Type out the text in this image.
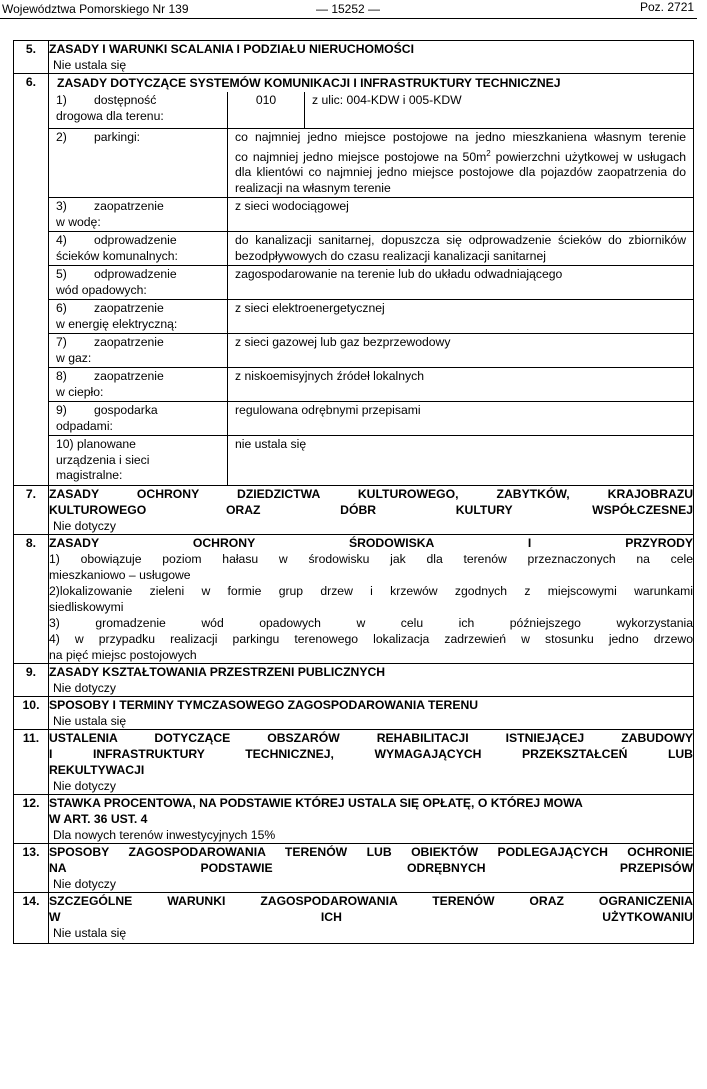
Województwa Pomorskiego Nr 139	— 15252 —	Poz. 2721
5.	ZASADY I WARUNKI SCALANIA I PODZIAŁU NIERUCHOMOŚCI
Nie ustala się

6.	ZASADY DOTYCZĄCE SYSTEMÓW KOMUNIKACJI I INFRASTRUKTURY TECHNICZNEJ
1) dostępność
drogowa dla terenu:	
010	z ulic: 004-KDW i 005-KDW

2) parkingi:	co najmniej jedno miejsce postojowe na jedno mieszkaniena własnym terenie
co najmniej jedno miejsce postojowe na $50m^2$ powierzchni użytkowej w usługach dla klientówi co najmniej jedno miejsce postojowe dla pojazdów zaopatrzenia do realizacji na własnym terenie

3) zaopatrzenie
w wodę:	z sieci wodociągowej
4) odprowadzenie
ścieków komunalnych:	do kanalizacji sanitarnej, dopuszcza się odprowadzenie ścieków do zbiorników bezodpływowych do czasu realizacji kanalizacji sanitarnej
5) odprowadzenie
wód opadowych:	zagospodarowanie na terenie lub do układu odwadniającego
6) zaopatrzenie
w energię elektryczną:	z sieci elektroenergetycznej
7) zaopatrzenie
w gaz:	z sieci gazowej lub gaz bezprzewodowy
8) zaopatrzenie
w ciepło:	z niskoemisyjnych źródeł lokalnych
9) gospodarka
odpadami:	regulowana odrębnymi przepisami
10) planowane
urządzenia i sieci
magistralne:	nie ustala się

7.	ZASADY OCHRONY DZIEDZICTWA KULTUROWEGO, ZABYTKÓW, KRAJOBRAZU
KULTUROWEGO ORAZ DÓBR KULTURY WSPÓŁCZESNEJ
Nie dotyczy

8.	ZASADY OCHRONY ŚRODOWISKA I PRZYRODY
1) obowiązuje poziom hałasu w środowisku jak dla terenów przeznaczonych na cele
mieszkaniowo – usługowe
2)lokalizowanie zieleni w formie grup drzew i krzewów zgodnych z miejscowymi warunkami
siedliskowymi
3) gromadzenie wód opadowych w celu ich późniejszego wykorzystania
4) w przypadku realizacji parkingu terenowego lokalizacja zadrzewień w stosunku jedno drzewo
na pięć miejsc postojowych

9.	ZASADY KSZTAŁTOWANIA PRZESTRZENI PUBLICZNYCH
Nie dotyczy

10.	SPOSOBY I TERMINY TYMCZASOWEGO ZAGOSPODAROWANIA TERENU
Nie ustala się

11.	USTALENIA DOTYCZĄCE OBSZARÓW REHABILITACJI ISTNIEJĄCEJ ZABUDOWY
I INFRASTRUKTURY TECHNICZNEJ, WYMAGAJĄCYCH PRZEKSZTAŁCEŃ LUB
REKULTYWACJI
Nie dotyczy

12.	STAWKA PROCENTOWA, NA PODSTAWIE KTÓREJ USTALA SIĘ OPŁATĘ, O KTÓREJ MOWA
W ART. 36 UST. 4
Dla nowych terenów inwestycyjnych 15%

13.	SPOSOBY ZAGOSPODAROWANIA TERENÓW LUB OBIEKTÓW PODLEGAJĄCYCH OCHRONIE
NA PODSTAWIE ODRĘBNYCH PRZEPISÓW
Nie dotyczy

14.	SZCZEGÓLNE WARUNKI ZAGOSPODAROWANIA TERENÓW ORAZ OGRANICZENIA
W ICH UŻYTKOWANIU
Nie ustala się
